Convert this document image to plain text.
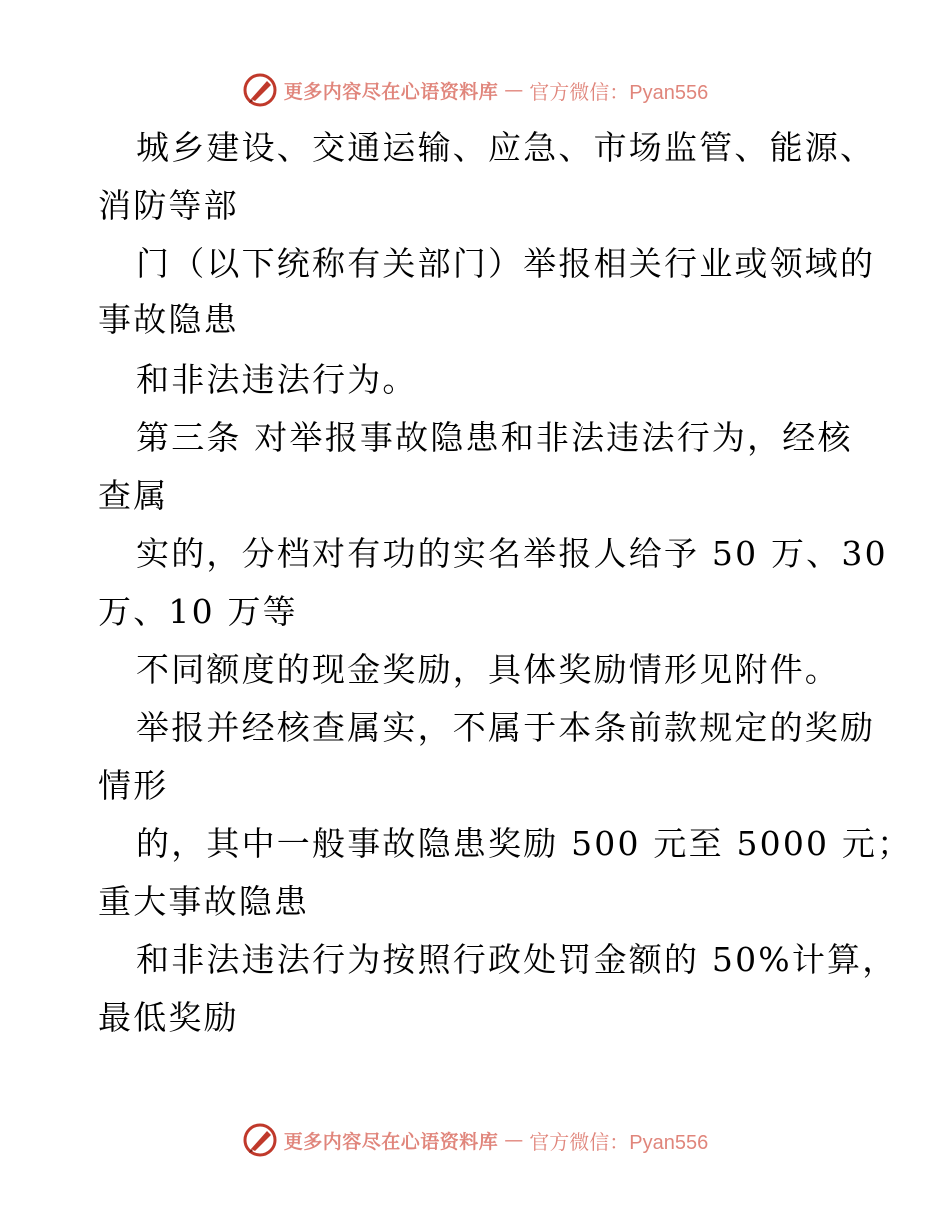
更多内容尽在心语资料库 — 官方微信：Pyan556
城乡建设、交通运输、应急、市场监管、能源、
消防等部
门（以下统称有关部门）举报相关行业或领域的
事故隐患
和非法违法行为。
第三条 对举报事故隐患和非法违法行为，经核
查属
实的，分档对有功的实名举报人给予 50 万、30
万、10 万等
不同额度的现金奖励，具体奖励情形见附件。
举报并经核查属实，不属于本条前款规定的奖励
情形
的，其中一般事故隐患奖励 500 元至 5000 元；
重大事故隐患
和非法违法行为按照行政处罚金额的 50%计算，
最低奖励
更多内容尽在心语资料库 — 官方微信：Pyan556
